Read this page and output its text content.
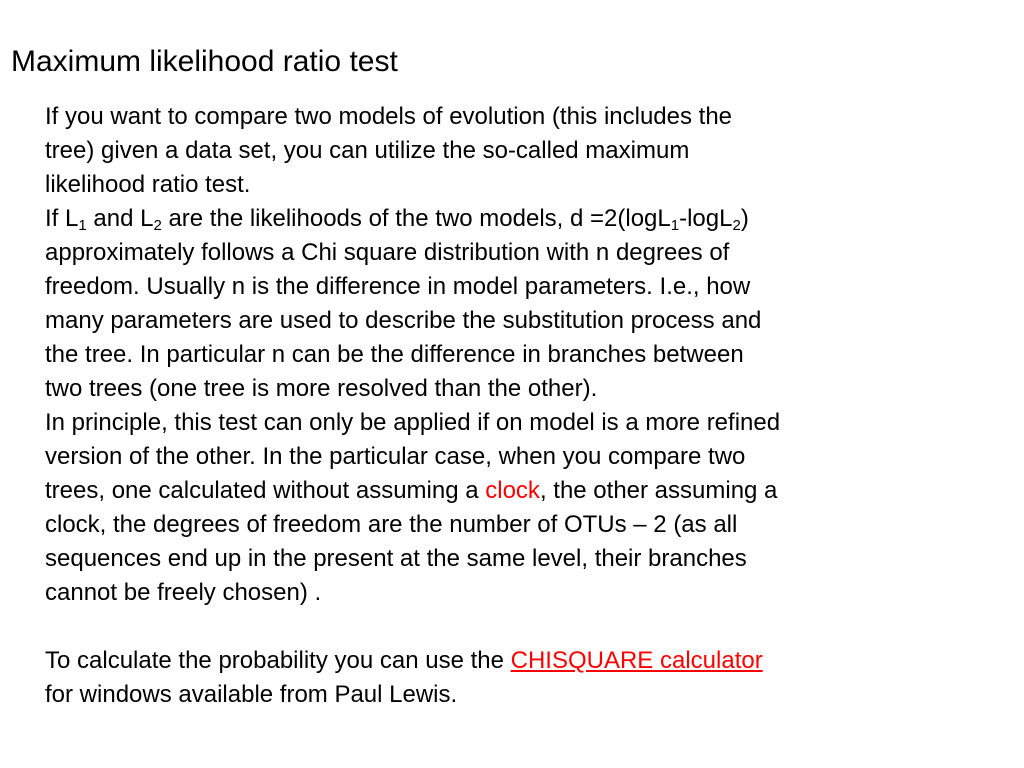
Maximum likelihood ratio test

If you want to compare two models of evolution (this includes the

tree) given a data set, you can utilize the so-called maximum

likelihood ratio test.

If $L_1$ and $L_2$ are the likelihoods of the two models, d =2(logL$_1$-logL$_2$)

approximately follows a Chi square distribution with n degrees of

freedom. Usually n is the difference in model parameters. I.e., how

many parameters are used to describe the substitution process and

the tree. In particular n can be the difference in branches between

two trees (one tree is more resolved than the other).

In principle, this test can only be applied if on model is a more refined

version of the other. In the particular case, when you compare two

trees, one calculated without assuming a clock, the other assuming a

clock, the degrees of freedom are the number of OTUs – 2 (as all

sequences end up in the present at the same level, their branches

cannot be freely chosen) .

To calculate the probability you can use the CHISQUARE calculator

for windows available from Paul Lewis.
